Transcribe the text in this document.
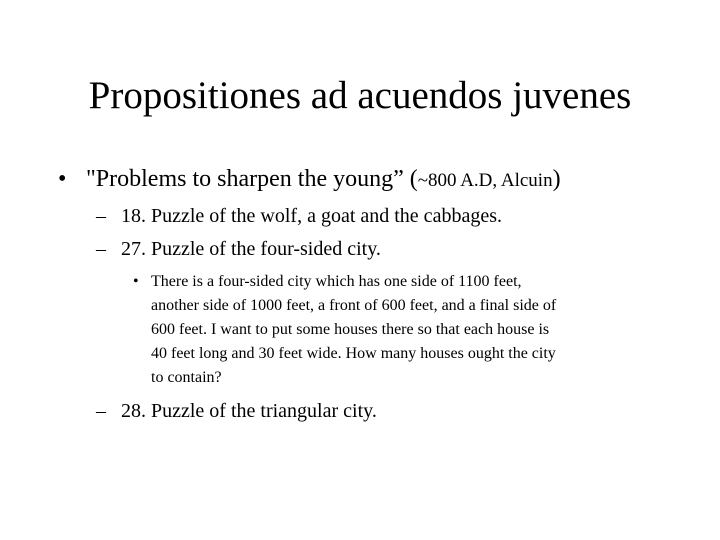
Propositiones ad acuendos juvenes
• "Problems to sharpen the young” (~800 A.D, Alcuin)
– 18. Puzzle of the wolf, a goat and the cabbages.
– 27. Puzzle of the four-sided city.
• There is a four-sided city which has one side of 1100 feet,
another side of 1000 feet, a front of 600 feet, and a final side of
600 feet. I want to put some houses there so that each house is
40 feet long and 30 feet wide. How many houses ought the city
to contain?
– 28. Puzzle of the triangular city.
